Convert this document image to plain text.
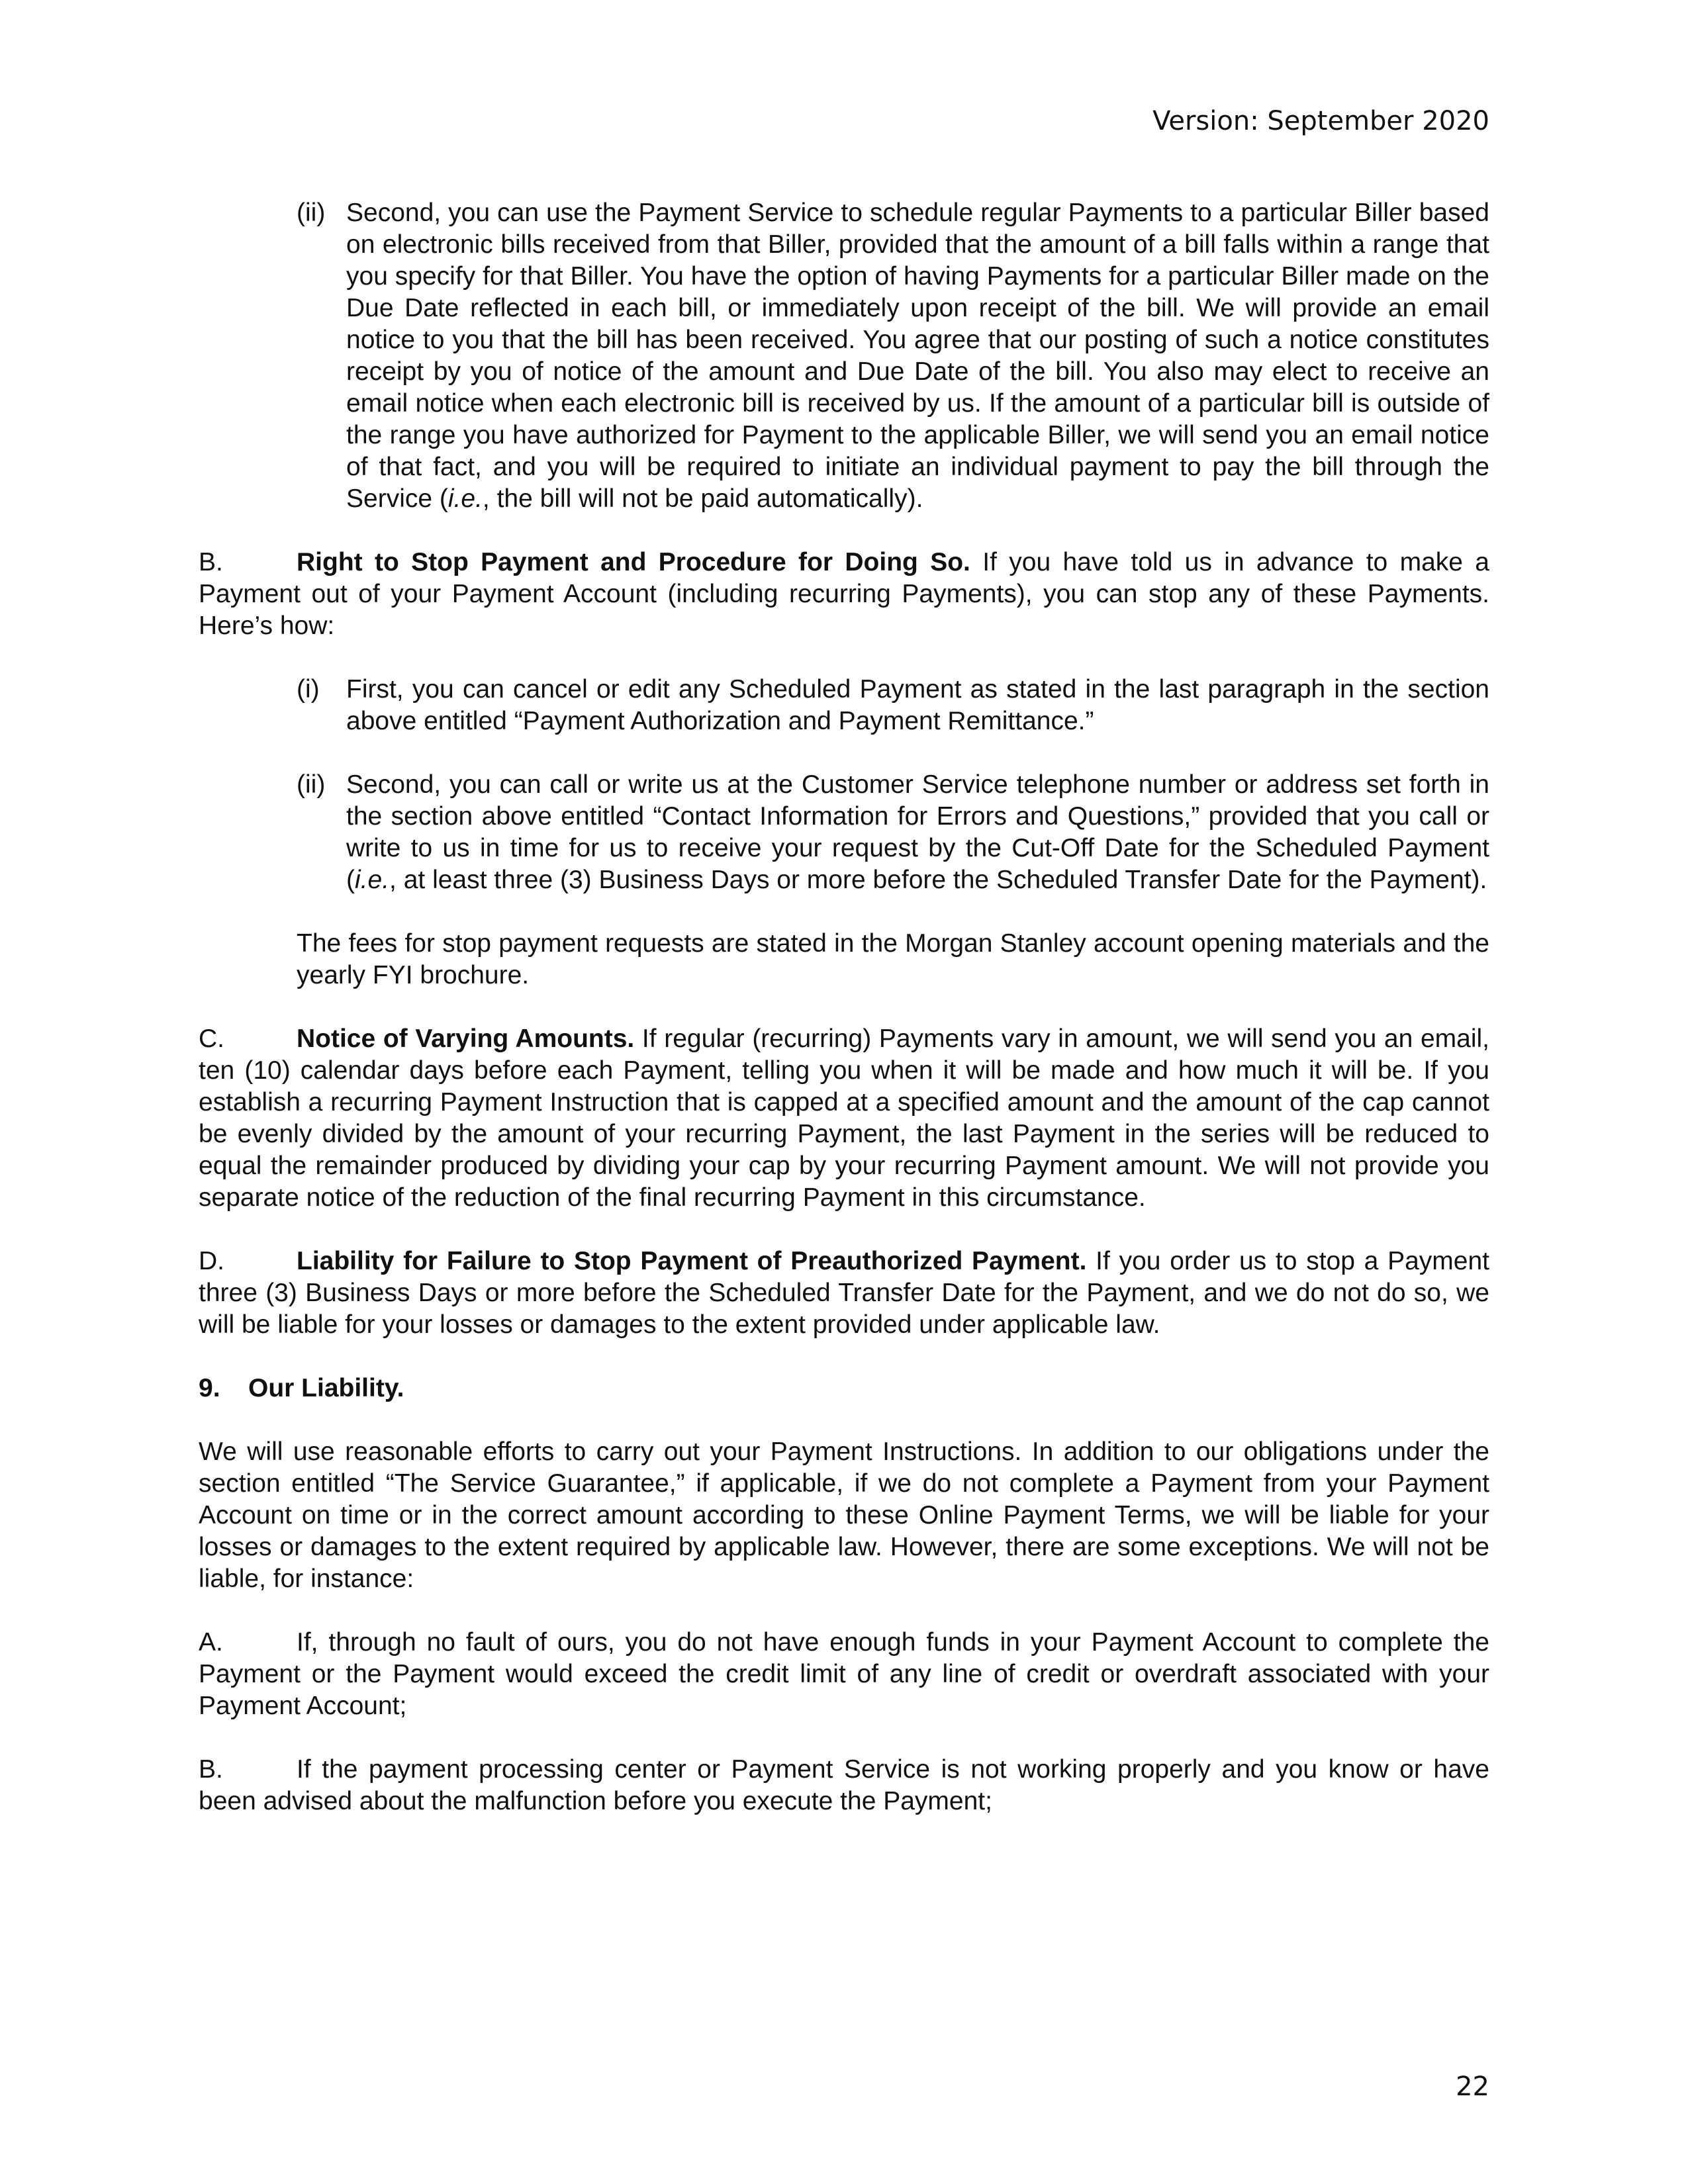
Version: September 2020
(ii) Second, you can use the Payment Service to schedule regular Payments to a particular Biller based on electronic bills received from that Biller, provided that the amount of a bill falls within a range that you specify for that Biller. You have the option of having Payments for a particular Biller made on the Due Date reflected in each bill, or immediately upon receipt of the bill. We will provide an email notice to you that the bill has been received. You agree that our posting of such a notice constitutes receipt by you of notice of the amount and Due Date of the bill. You also may elect to receive an email notice when each electronic bill is received by us. If the amount of a particular bill is outside of the range you have authorized for Payment to the applicable Biller, we will send you an email notice of that fact, and you will be required to initiate an individual payment to pay the bill through the Service (i.e., the bill will not be paid automatically).

B.	Right to Stop Payment and Procedure for Doing So. If you have told us in advance to make a Payment out of your Payment Account (including recurring Payments), you can stop any of these Payments. Here’s how:

(i)	First, you can cancel or edit any Scheduled Payment as stated in the last paragraph in the section above entitled “Payment Authorization and Payment Remittance.”
(ii) Second, you can call or write us at the Customer Service telephone number or address set forth in the section above entitled “Contact Information for Errors and Questions,” provided that you call or write to us in time for us to receive your request by the Cut-Off Date for the Scheduled Payment (i.e., at least three (3) Business Days or more before the Scheduled Transfer Date for the Payment).

The fees for stop payment requests are stated in the Morgan Stanley account opening materials and the yearly FYI brochure.

C.	Notice of Varying Amounts. If regular (recurring) Payments vary in amount, we will send you an email, ten (10) calendar days before each Payment, telling you when it will be made and how much it will be. If you establish a recurring Payment Instruction that is capped at a specified amount and the amount of the cap cannot be evenly divided by the amount of your recurring Payment, the last Payment in the series will be reduced to equal the remainder produced by dividing your cap by your recurring Payment amount. We will not provide you separate notice of the reduction of the final recurring Payment in this circumstance.

D.	Liability for Failure to Stop Payment of Preauthorized Payment. If you order us to stop a Payment three (3) Business Days or more before the Scheduled Transfer Date for the Payment, and we do not do so, we will be liable for your losses or damages to the extent provided under applicable law.

9. Our Liability.

We will use reasonable efforts to carry out your Payment Instructions. In addition to our obligations under the section entitled “The Service Guarantee,” if applicable, if we do not complete a Payment from your Payment Account on time or in the correct amount according to these Online Payment Terms, we will be liable for your losses or damages to the extent required by applicable law. However, there are some exceptions. We will not be liable, for instance:

A.	If, through no fault of ours, you do not have enough funds in your Payment Account to complete the Payment or the Payment would exceed the credit limit of any line of credit or overdraft associated with your Payment Account;

B.	If the payment processing center or Payment Service is not working properly and you know or have been advised about the malfunction before you execute the Payment;

22
